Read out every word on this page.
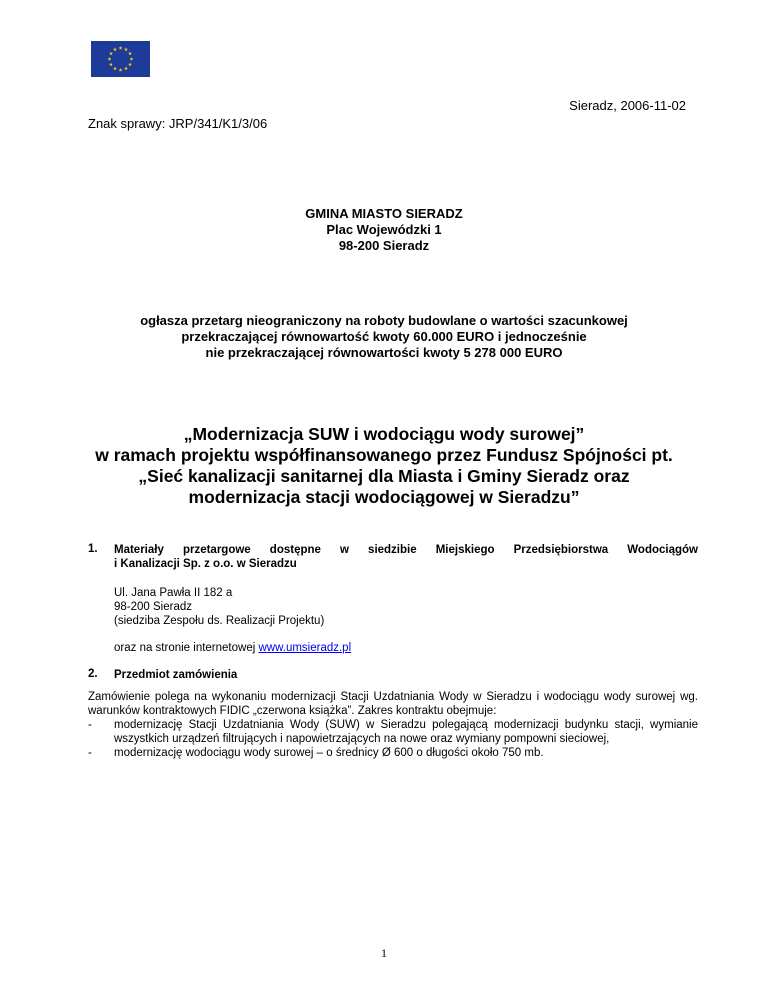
Sieradz, 2006-11-02
Znak sprawy: JRP/341/K1/3/06
GMINA MIASTO SIERADZ
Plac Wojewódzki 1
98-200 Sieradz
ogłasza przetarg nieograniczony na roboty budowlane o wartości szacunkowej
przekraczającej równowartość kwoty 60.000 EURO i jednocześnie
nie przekraczającej równowartości kwoty 5 278 000 EURO
„Modernizacja SUW i wodociągu wody surowej”
w ramach projektu współfinansowanego przez Fundusz Spójności pt.
„Sieć kanalizacji sanitarnej dla Miasta i Gminy Sieradz oraz
modernizacja stacji wodociągowej w Sieradzu”
1. Materiały przetargowe dostępne w siedzibie Miejskiego Przedsiębiorstwa Wodociągów
i Kanalizacji Sp. z o.o. w Sieradzu
Ul. Jana Pawła II 182 a
98-200 Sieradz
(siedziba Zespołu ds. Realizacji Projektu)
oraz na stronie internetowej www.umsieradz.pl
2. Przedmiot zamówienia
Zamówienie polega na wykonaniu modernizacji Stacji Uzdatniania Wody w Sieradzu i wodociągu wody surowej wg. warunków kontraktowych FIDIC „czerwona książka”. Zakres kontraktu obejmuje:
- modernizację Stacji Uzdatniania Wody (SUW) w Sieradzu polegającą modernizacji budynku stacji, wymianie wszystkich urządzeń filtrujących i napowietrzających na nowe oraz wymiany pompowni sieciowej,
- modernizację wodociągu wody surowej – o średnicy Ø 600 o długości około 750 mb.
1
